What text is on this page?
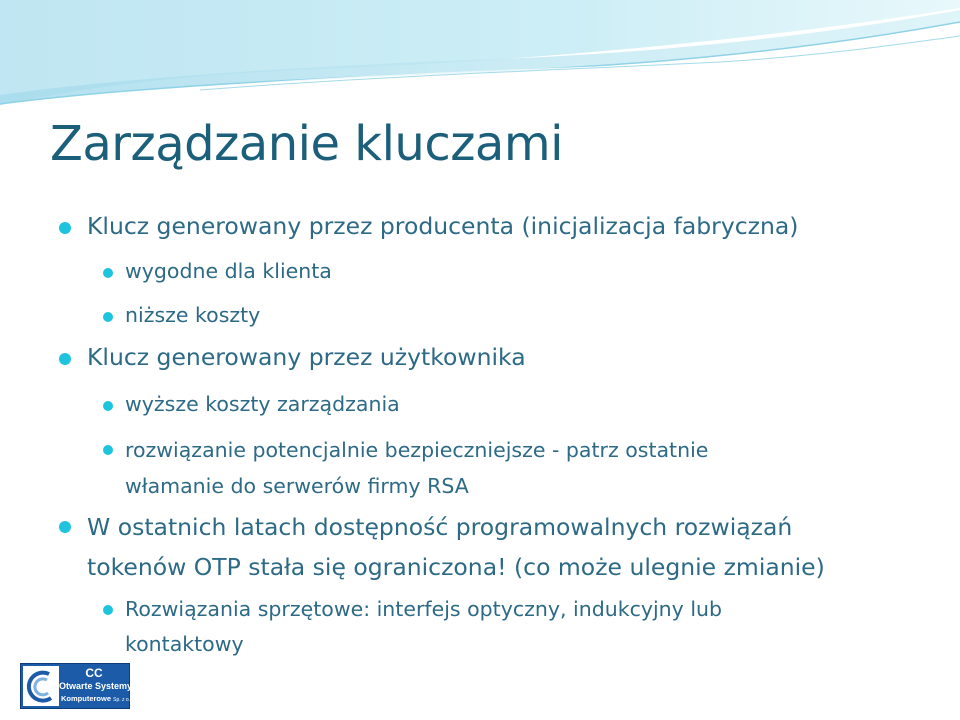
Zarządzanie kluczami
Klucz generowany przez producenta (inicjalizacja fabryczna)
wygodne dla klienta
niższe koszty
Klucz generowany przez użytkownika
wyższe koszty zarządzania
rozwiązanie potencjalnie bezpieczniejsze - patrz ostatnie
włamanie do serwerów firmy RSA
W ostatnich latach dostępność programowalnych rozwiązań
tokenów OTP stała się ograniczona! (co może ulegnie zmianie)
Rozwiązania sprzętowe: interfejs optyczny, indukcyjny lub
kontaktowy
CC
Otwarte Systemy
Komputerowe Sp. z o.o.
